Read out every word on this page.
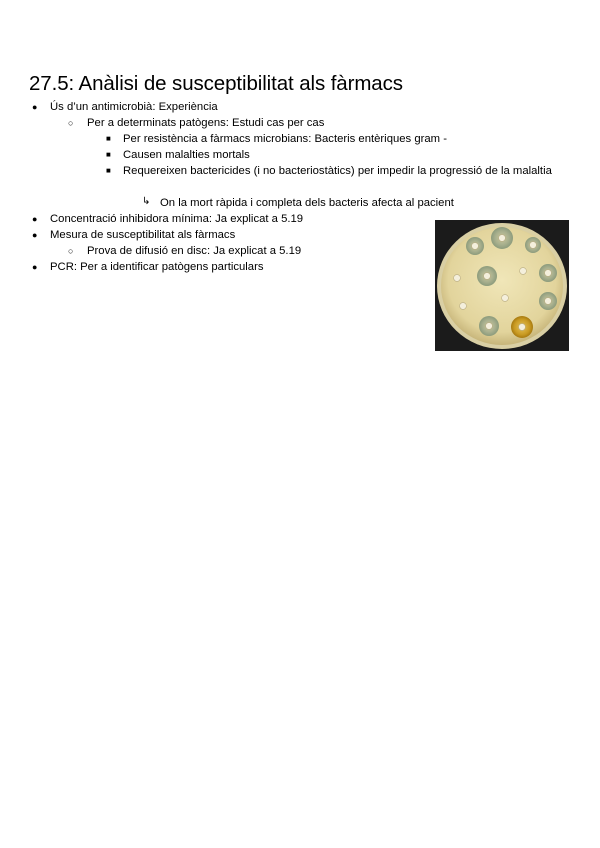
27.5: Anàlisi de susceptibilitat als fàrmacs
● Ús d’un antimicrobià: Experiència
○ Per a determinats patògens: Estudi cas per cas
■ Per resistència a fàrmacs microbians: Bacteris entèriques gram -
■ Causen malalties mortals
■ Requereixen bactericides (i no bacteriostàtics) per impedir la progressió de la malaltia
↳ On la mort ràpida i completa dels bacteris afecta al pacient
● Concentració inhibidora mínima: Ja explicat a 5.19
● Mesura de susceptibilitat als fàrmacs
○ Prova de difusió en disc: Ja explicat a 5.19
● PCR: Per a identificar patògens particulars
